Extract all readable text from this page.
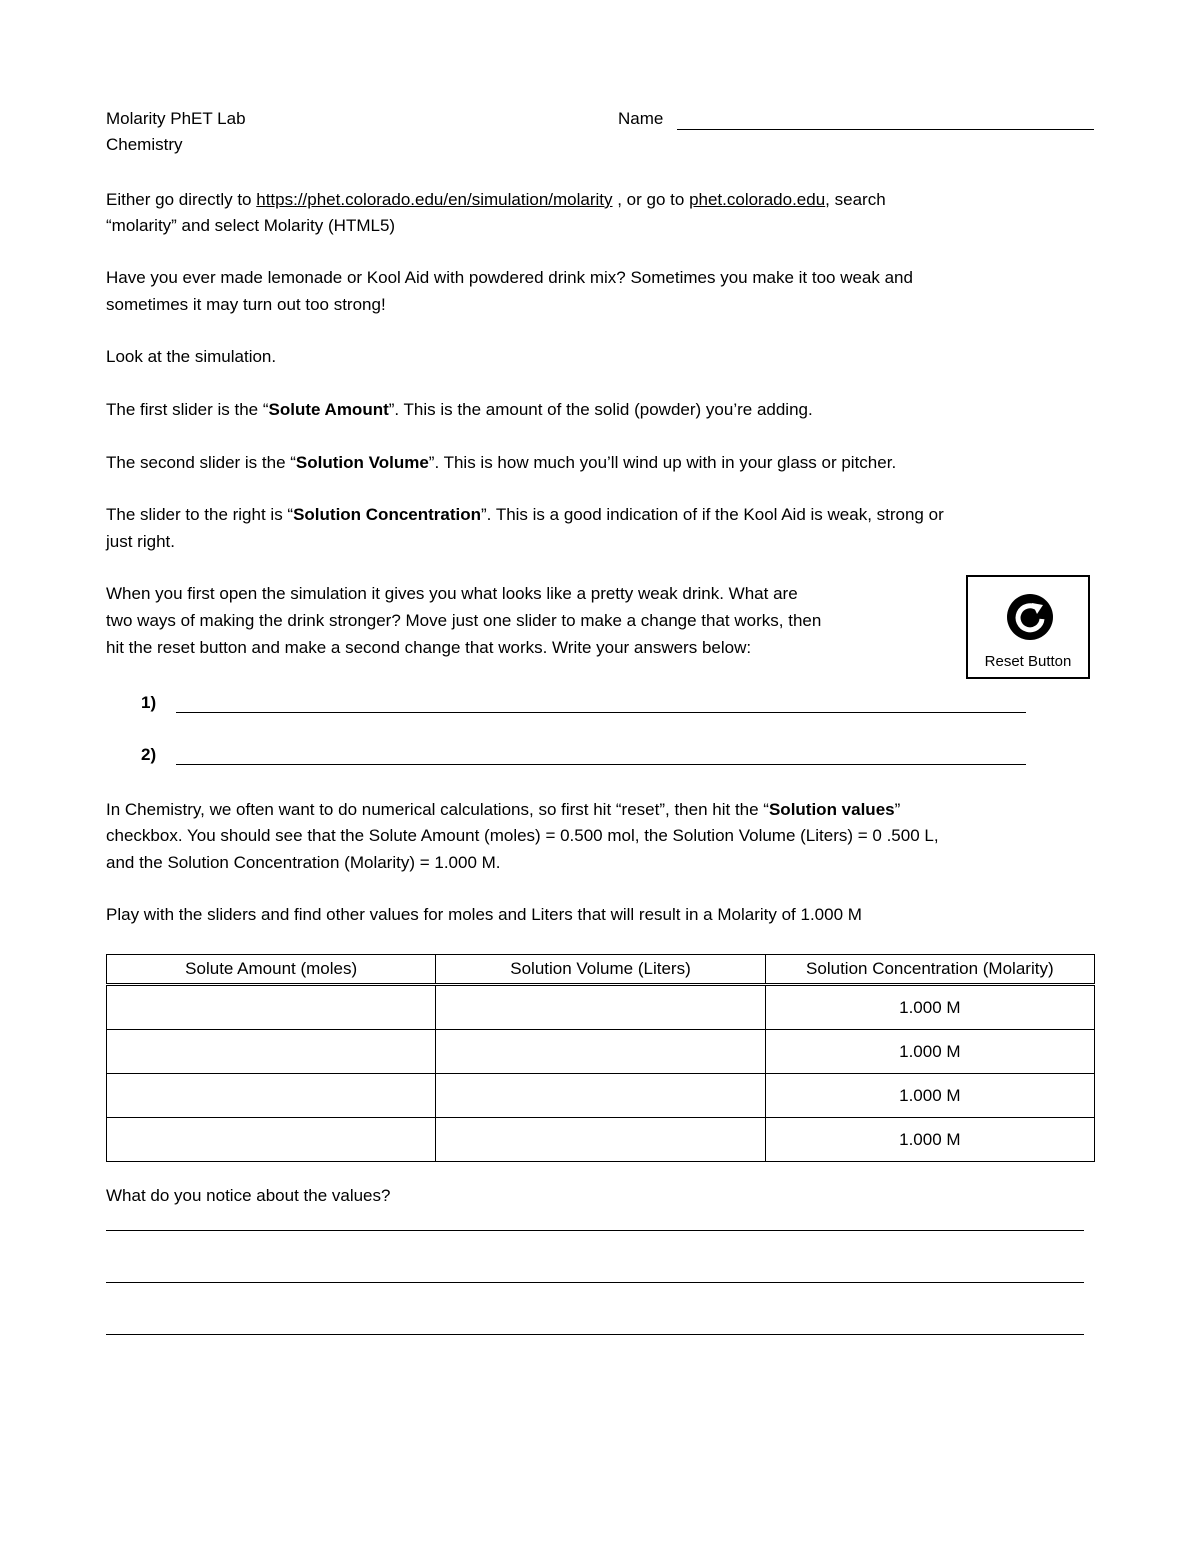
Molarity PhET Lab
Chemistry
Name
Either go directly to https://phet.colorado.edu/en/simulation/molarity , or go to phet.colorado.edu, search
“molarity” and select Molarity (HTML5)
Have you ever made lemonade or Kool Aid with powdered drink mix? Sometimes you make it too weak and
sometimes it may turn out too strong!
Look at the simulation.
The first slider is the “Solute Amount”. This is the amount of the solid (powder) you’re adding.
The second slider is the “Solution Volume”. This is how much you’ll wind up with in your glass or pitcher.
The slider to the right is “Solution Concentration”. This is a good indication of if the Kool Aid is weak, strong or
just right.
When you first open the simulation it gives you what looks like a pretty weak drink. What are
two ways of making the drink stronger? Move just one slider to make a change that works, then
hit the reset button and make a second change that works. Write your answers below:
Reset Button
1)
2)
In Chemistry, we often want to do numerical calculations, so first hit “reset”, then hit the “Solution values”
checkbox. You should see that the Solute Amount (moles) = 0.500 mol, the Solution Volume (Liters) = 0 .500 L,
and the Solution Concentration (Molarity) = 1.000 M.
Play with the sliders and find other values for moles and Liters that will result in a Molarity of 1.000 M
Solute Amount (moles)	Solution Volume (Liters)	Solution Concentration (Molarity)
		1.000 M
		1.000 M
		1.000 M
		1.000 M
What do you notice about the values?
